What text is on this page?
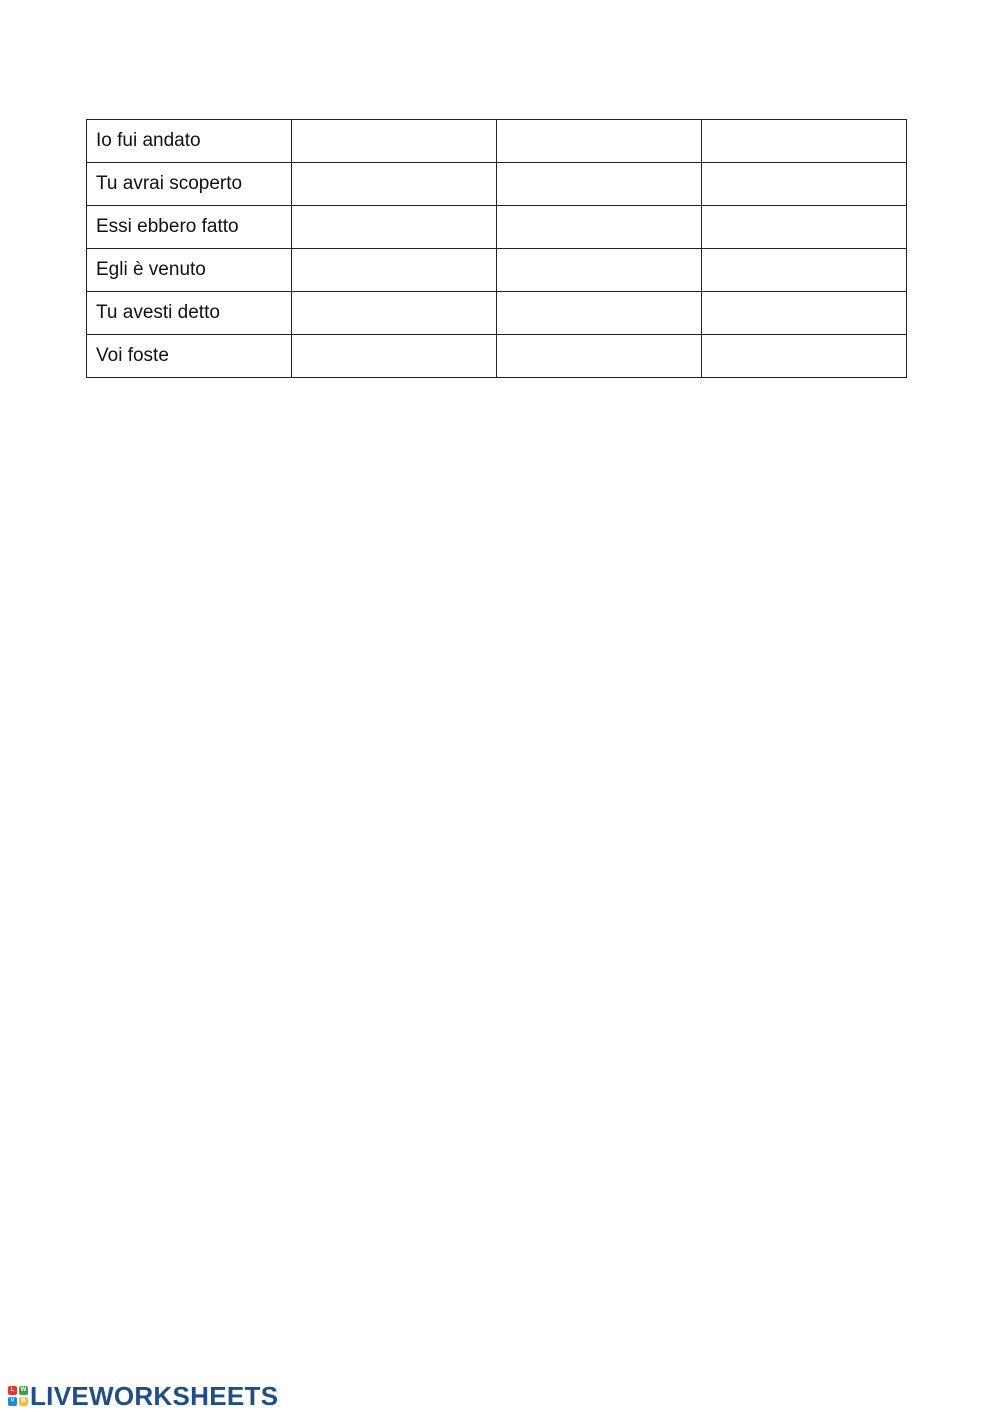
Io fui andato			
Tu avrai scoperto			
Essi ebbero fatto			
Egli è venuto			
Tu avesti detto			
Voi foste			
L	W
V	B LIVEWORKSHEETS
